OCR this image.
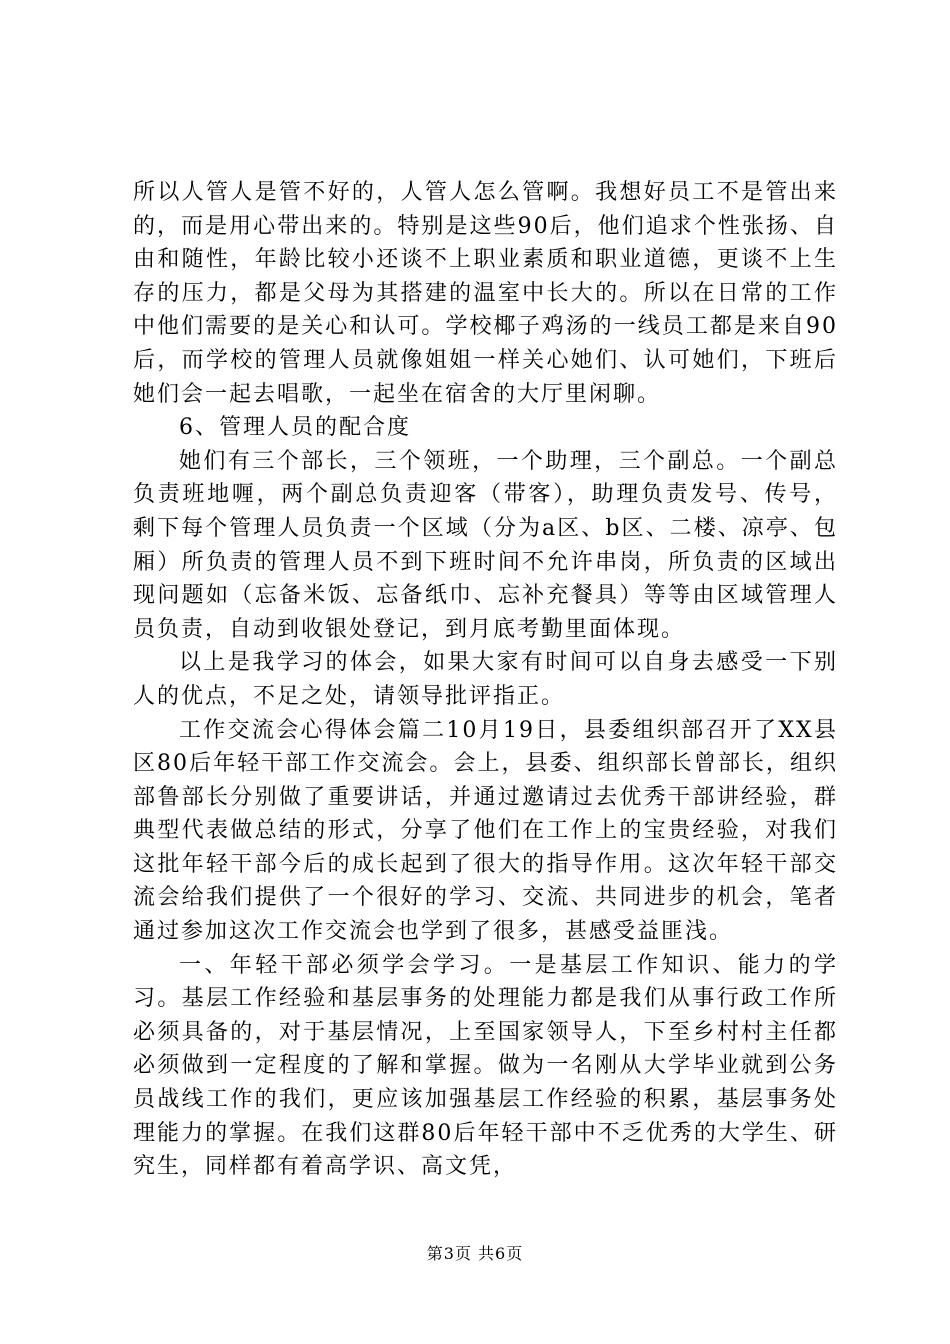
所以人管人是管不好的，人管人怎么管啊。我想好员工不是管出来的，而是用心带出来的。特别是这些90后，他们追求个性张扬、自由和随性，年龄比较小还谈不上职业素质和职业道德，更谈不上生存的压力，都是父母为其搭建的温室中长大的。所以在日常的工作中他们需要的是关心和认可。学校椰子鸡汤的一线员工都是来自90后，而学校的管理人员就像姐姐一样关心她们、认可她们，下班后她们会一起去唱歌，一起坐在宿舍的大厅里闲聊。

6、管理人员的配合度

她们有三个部长，三个领班，一个助理，三个副总。一个副总负责班地喱，两个副总负责迎客（带客），助理负责发号、传号，剩下每个管理人员负责一个区域（分为a区、b区、二楼、凉亭、包厢）所负责的管理人员不到下班时间不允许串岗，所负责的区域出现问题如（忘备米饭、忘备纸巾、忘补充餐具）等等由区域管理人员负责，自动到收银处登记，到月底考勤里面体现。

以上是我学习的体会，如果大家有时间可以自身去感受一下别人的优点，不足之处，请领导批评指正。

工作交流会心得体会篇二10月19日，县委组织部召开了XX县区80后年轻干部工作交流会。会上，县委、组织部长曾部长，组织部鲁部长分别做了重要讲话，并通过邀请过去优秀干部讲经验，群典型代表做总结的形式，分享了他们在工作上的宝贵经验，对我们这批年轻干部今后的成长起到了很大的指导作用。这次年轻干部交流会给我们提供了一个很好的学习、交流、共同进步的机会，笔者通过参加这次工作交流会也学到了很多，甚感受益匪浅。

一、年轻干部必须学会学习。一是基层工作知识、能力的学习。基层工作经验和基层事务的处理能力都是我们从事行政工作所必须具备的，对于基层情况，上至国家领导人，下至乡村村主任都必须做到一定程度的了解和掌握。做为一名刚从大学毕业就到公务员战线工作的我们，更应该加强基层工作经验的积累，基层事务处理能力的掌握。在我们这群80后年轻干部中不乏优秀的大学生、研究生，同样都有着高学识、高文凭，

第3页 共6页
